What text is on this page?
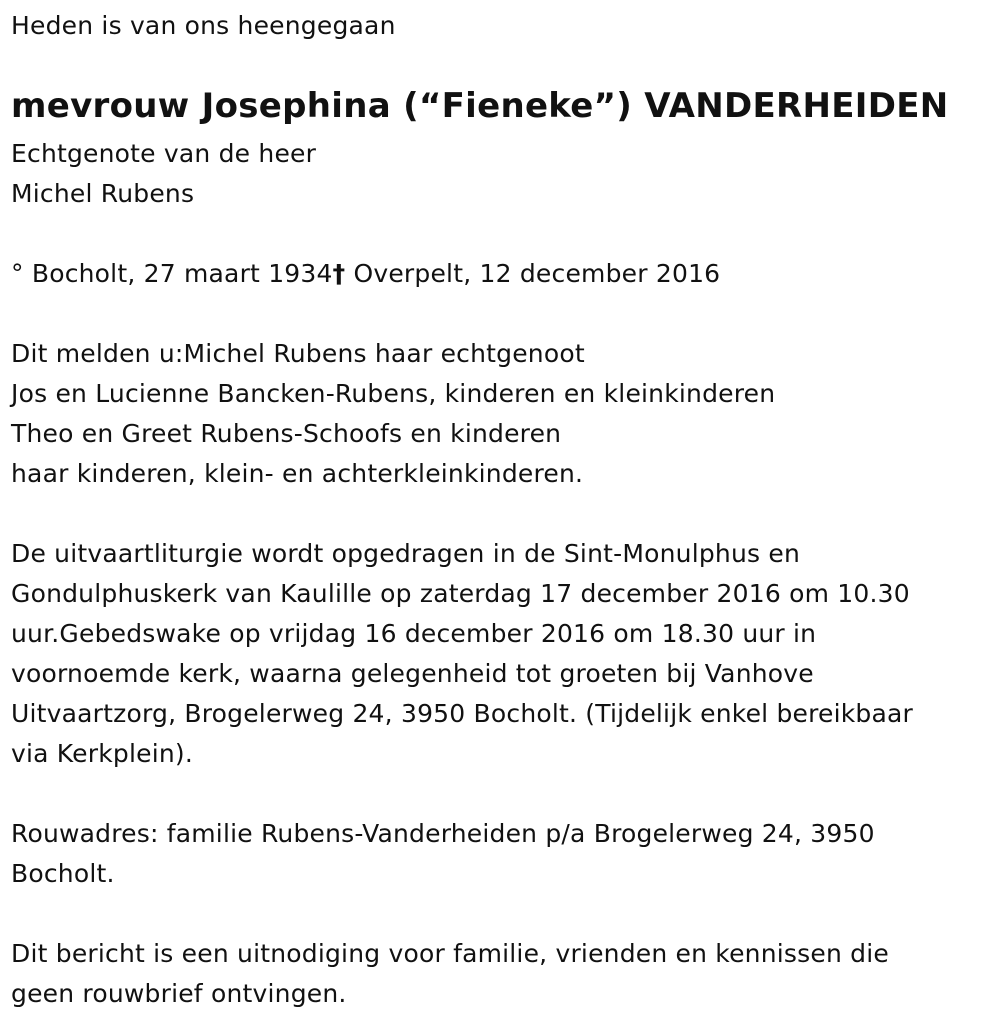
Heden is van ons heengegaan
mevrouw Josephina (“Fieneke”) VANDERHEIDEN
Echtgenote van de heer
Michel Rubens
° Bocholt, 27 maart 1934† Overpelt, 12 december 2016
Dit melden u:Michel Rubens haar echtgenoot
Jos en Lucienne Bancken-Rubens, kinderen en kleinkinderen
Theo en Greet Rubens-Schoofs en kinderen
haar kinderen, klein- en achterkleinkinderen.
De uitvaartliturgie wordt opgedragen in de Sint-Monulphus en
Gondulphuskerk van Kaulille op zaterdag 17 december 2016 om 10.30
uur.Gebedswake op vrijdag 16 december 2016 om 18.30 uur in
voornoemde kerk, waarna gelegenheid tot groeten bij Vanhove
Uitvaartzorg, Brogelerweg 24, 3950 Bocholt. (Tijdelijk enkel bereikbaar
via Kerkplein).
Rouwadres: familie Rubens-Vanderheiden p/a Brogelerweg 24, 3950
Bocholt.
Dit bericht is een uitnodiging voor familie, vrienden en kennissen die
geen rouwbrief ontvingen.
